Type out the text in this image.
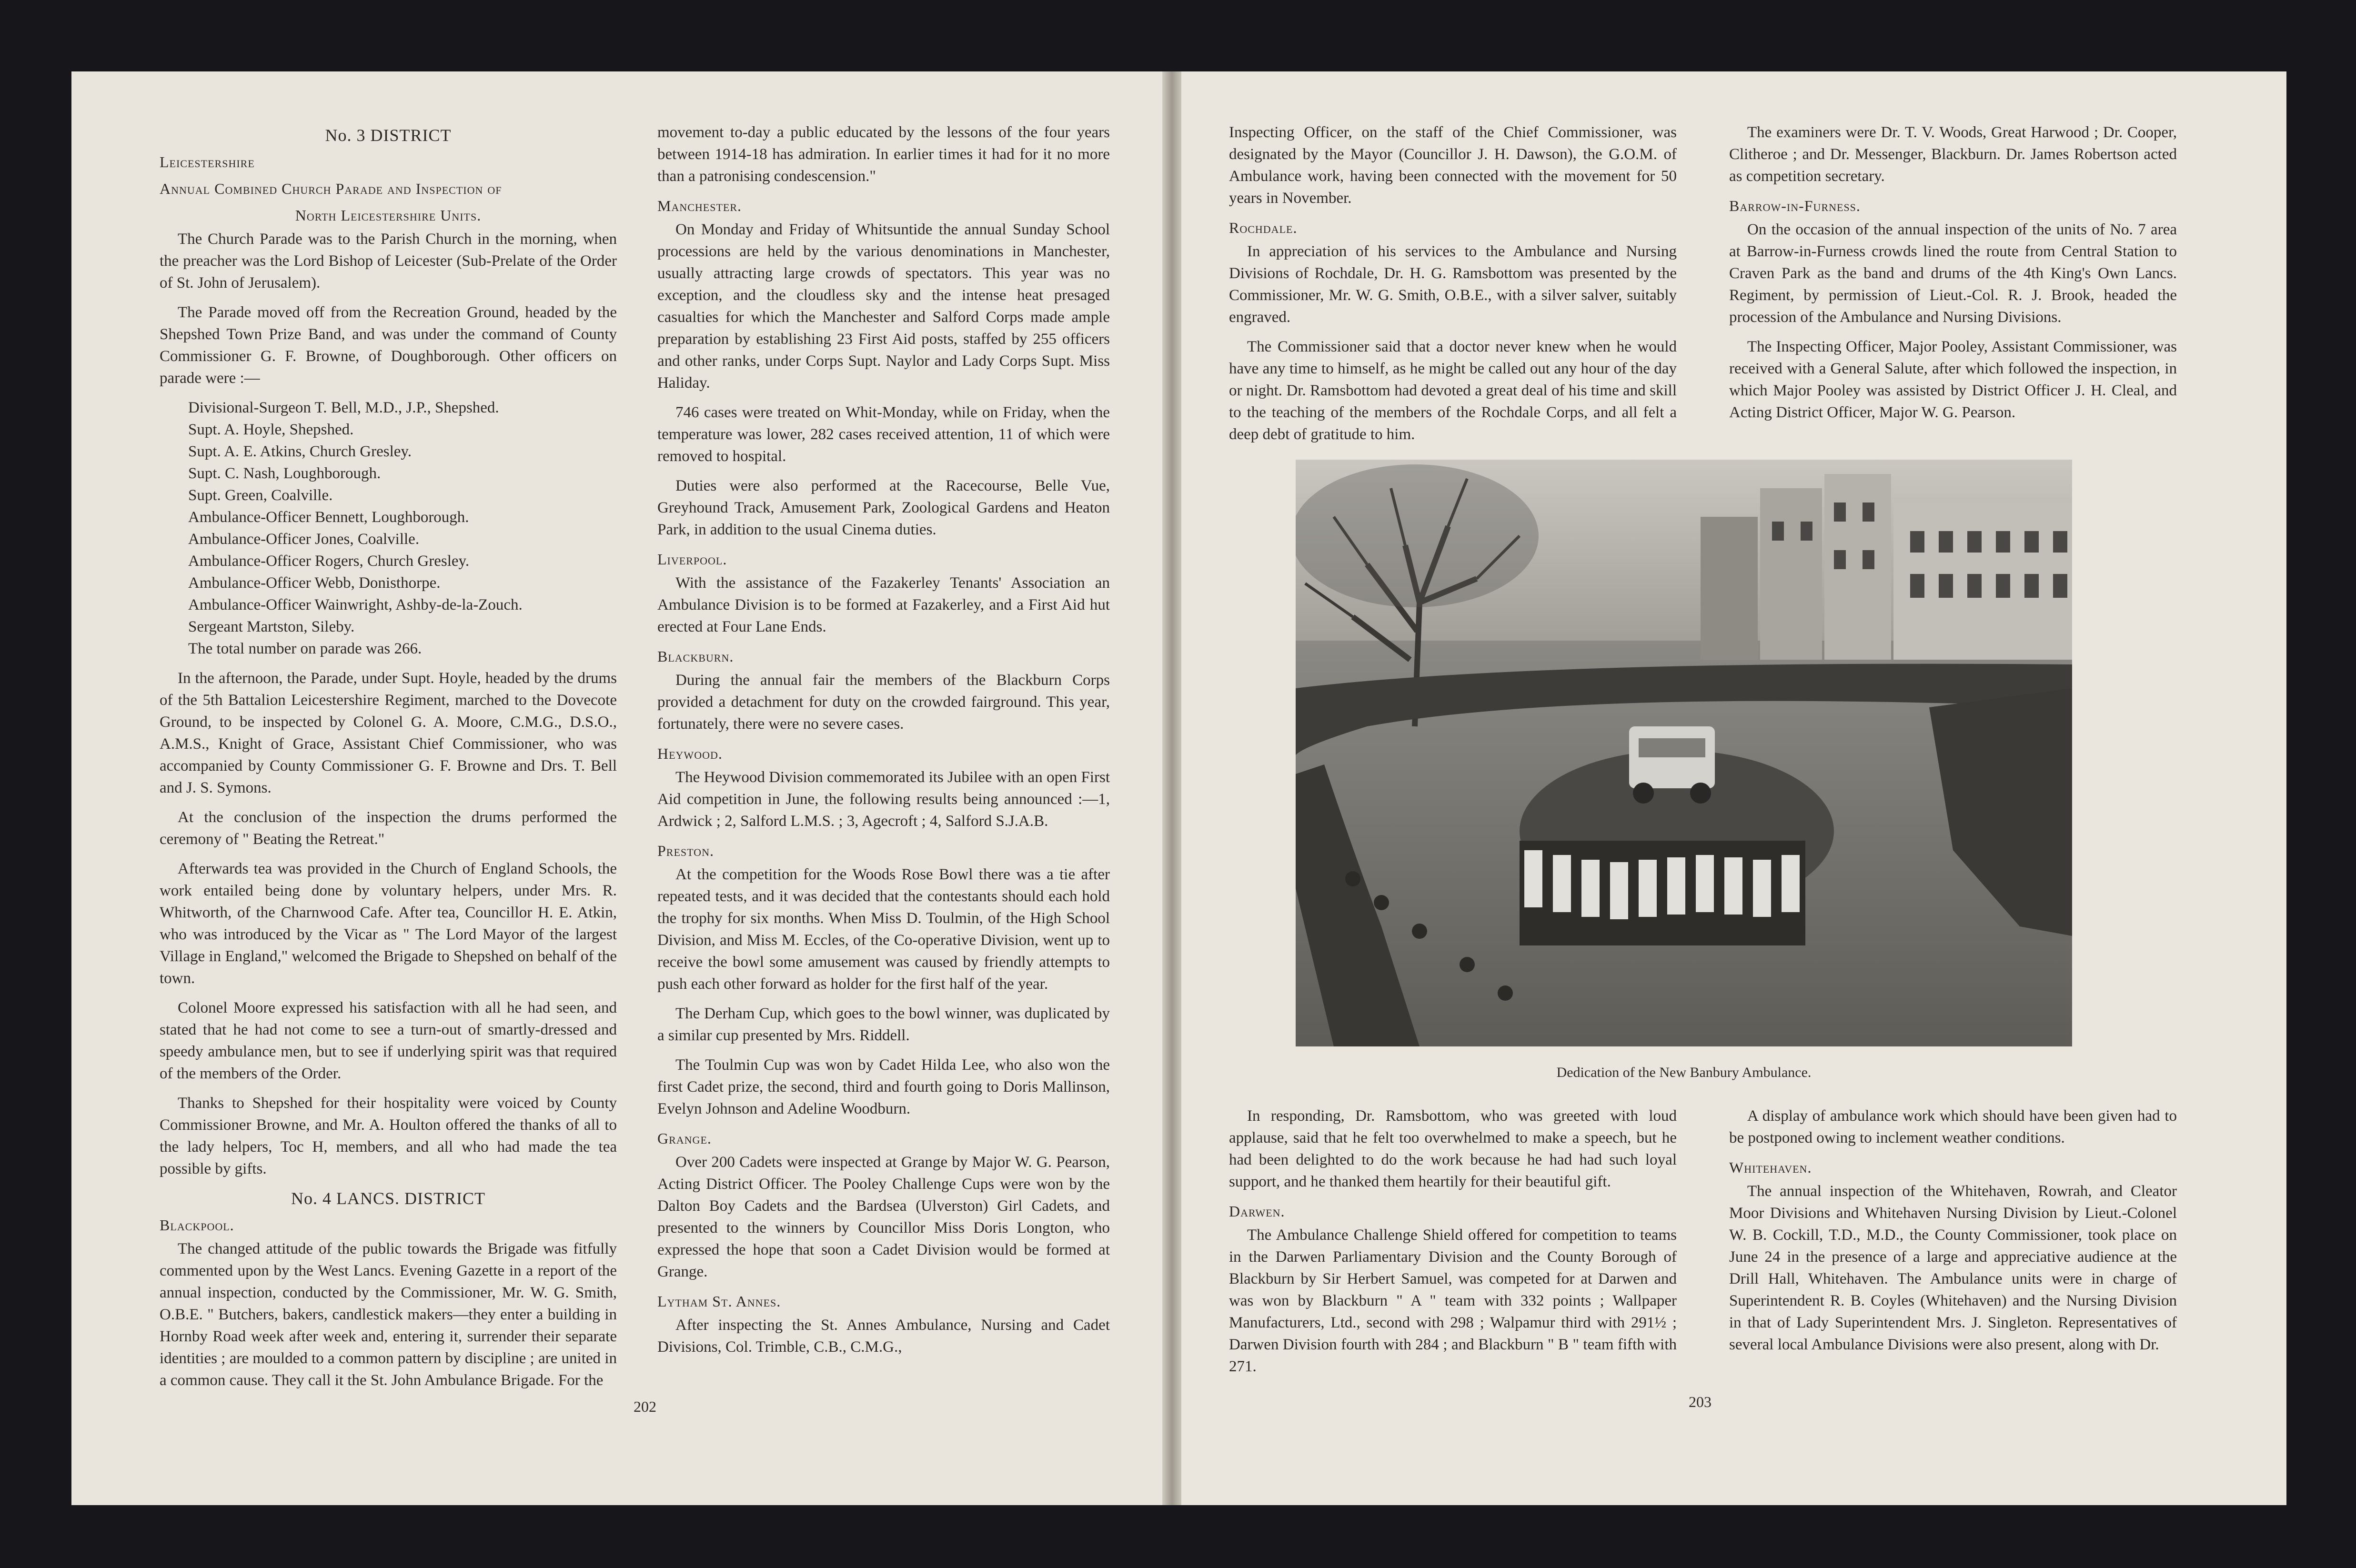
No. 3 DISTRICT
Leicestershire
Annual Combined Church Parade and Inspection of
North Leicestershire Units.

The Church Parade was to the Parish Church in the morning, when the preacher was the Lord Bishop of Leicester (Sub-Prelate of the Order of St. John of Jerusalem).

The Parade moved off from the Recreation Ground, headed by the Shepshed Town Prize Band, and was under the command of County Commissioner G. F. Browne, of Doughborough. Other officers on parade were :—

Divisional-Surgeon T. Bell, M.D., J.P., Shepshed.

Supt. A. Hoyle, Shepshed.

Supt. A. E. Atkins, Church Gresley.

Supt. C. Nash, Loughborough.

Supt. Green, Coalville.

Ambulance-Officer Bennett, Loughborough.

Ambulance-Officer Jones, Coalville.

Ambulance-Officer Rogers, Church Gresley.

Ambulance-Officer Webb, Donisthorpe.

Ambulance-Officer Wainwright, Ashby-de-la-Zouch.

Sergeant Martston, Sileby.

The total number on parade was 266.

In the afternoon, the Parade, under Supt. Hoyle, headed by the drums of the 5th Battalion Leicestershire Regiment, marched to the Dovecote Ground, to be inspected by Colonel G. A. Moore, C.M.G., D.S.O., A.M.S., Knight of Grace, Assistant Chief Commissioner, who was accompanied by County Commissioner G. F. Browne and Drs. T. Bell and J. S. Symons.

At the conclusion of the inspection the drums performed the ceremony of " Beating the Retreat."

Afterwards tea was provided in the Church of England Schools, the work entailed being done by voluntary helpers, under Mrs. R. Whitworth, of the Charnwood Cafe. After tea, Councillor H. E. Atkin, who was introduced by the Vicar as " The Lord Mayor of the largest Village in England," welcomed the Brigade to Shepshed on behalf of the town.

Colonel Moore expressed his satisfaction with all he had seen, and stated that he had not come to see a turn-out of smartly-dressed and speedy ambulance men, but to see if underlying spirit was that required of the members of the Order.

Thanks to Shepshed for their hospitality were voiced by County Commissioner Browne, and Mr. A. Houlton offered the thanks of all to the lady helpers, Toc H, members, and all who had made the tea possible by gifts.

No. 4 LANCS. DISTRICT
Blackpool.

The changed attitude of the public towards the Brigade was fitfully commented upon by the West Lancs. Evening Gazette in a report of the annual inspection, conducted by the Commissioner, Mr. W. G. Smith, O.B.E. " Butchers, bakers, candlestick makers—they enter a building in Hornby Road week after week and, entering it, surrender their separate identities ; are moulded to a common pattern by discipline ; are united in a common cause. They call it the St. John Ambulance Brigade. For the

movement to-day a public educated by the lessons of the four years between 1914-18 has admiration. In earlier times it had for it no more than a patronising condescension."

Manchester.

On Monday and Friday of Whitsuntide the annual Sunday School processions are held by the various denominations in Manchester, usually attracting large crowds of spectators. This year was no exception, and the cloudless sky and the intense heat presaged casualties for which the Manchester and Salford Corps made ample preparation by establishing 23 First Aid posts, staffed by 255 officers and other ranks, under Corps Supt. Naylor and Lady Corps Supt. Miss Haliday.

746 cases were treated on Whit-Monday, while on Friday, when the temperature was lower, 282 cases received attention, 11 of which were removed to hospital.

Duties were also performed at the Racecourse, Belle Vue, Greyhound Track, Amusement Park, Zoological Gardens and Heaton Park, in addition to the usual Cinema duties.

Liverpool.

With the assistance of the Fazakerley Tenants' Association an Ambulance Division is to be formed at Fazakerley, and a First Aid hut erected at Four Lane Ends.

Blackburn.

During the annual fair the members of the Blackburn Corps provided a detachment for duty on the crowded fairground. This year, fortunately, there were no severe cases.

Heywood.

The Heywood Division commemorated its Jubilee with an open First Aid competition in June, the following results being announced :—1, Ardwick ; 2, Salford L.M.S. ; 3, Agecroft ; 4, Salford S.J.A.B.

Preston.

At the competition for the Woods Rose Bowl there was a tie after repeated tests, and it was decided that the contestants should each hold the trophy for six months. When Miss D. Toulmin, of the High School Division, and Miss M. Eccles, of the Co-operative Division, went up to receive the bowl some amusement was caused by friendly attempts to push each other forward as holder for the first half of the year.

The Derham Cup, which goes to the bowl winner, was duplicated by a similar cup presented by Mrs. Riddell.

The Toulmin Cup was won by Cadet Hilda Lee, who also won the first Cadet prize, the second, third and fourth going to Doris Mallinson, Evelyn Johnson and Adeline Woodburn.

Grange.

Over 200 Cadets were inspected at Grange by Major W. G. Pearson, Acting District Officer. The Pooley Challenge Cups were won by the Dalton Boy Cadets and the Bardsea (Ulverston) Girl Cadets, and presented to the winners by Councillor Miss Doris Longton, who expressed the hope that soon a Cadet Division would be formed at Grange.

Lytham St. Annes.

After inspecting the St. Annes Ambulance, Nursing and Cadet Divisions, Col. Trimble, C.B., C.M.G.,

202

Inspecting Officer, on the staff of the Chief Commissioner, was designated by the Mayor (Councillor J. H. Dawson), the G.O.M. of Ambulance work, having been connected with the movement for 50 years in November.

Rochdale.

In appreciation of his services to the Ambulance and Nursing Divisions of Rochdale, Dr. H. G. Ramsbottom was presented by the Commissioner, Mr. W. G. Smith, O.B.E., with a silver salver, suitably engraved.

The Commissioner said that a doctor never knew when he would have any time to himself, as he might be called out any hour of the day or night. Dr. Ramsbottom had devoted a great deal of his time and skill to the teaching of the members of the Rochdale Corps, and all felt a deep debt of gratitude to him.

The examiners were Dr. T. V. Woods, Great Harwood ; Dr. Cooper, Clitheroe ; and Dr. Messenger, Blackburn. Dr. James Robertson acted as competition secretary.

Barrow-in-Furness.

On the occasion of the annual inspection of the units of No. 7 area at Barrow-in-Furness crowds lined the route from Central Station to Craven Park as the band and drums of the 4th King's Own Lancs. Regiment, by permission of Lieut.-Col. R. J. Brook, headed the procession of the Ambulance and Nursing Divisions.

The Inspecting Officer, Major Pooley, Assistant Commissioner, was received with a General Salute, after which followed the inspection, in which Major Pooley was assisted by District Officer J. H. Cleal, and Acting District Officer, Major W. G. Pearson.

Dedication of the New Banbury Ambulance.

In responding, Dr. Ramsbottom, who was greeted with loud applause, said that he felt too overwhelmed to make a speech, but he had been delighted to do the work because he had had such loyal support, and he thanked them heartily for their beautiful gift.

Darwen.

The Ambulance Challenge Shield offered for competition to teams in the Darwen Parliamentary Division and the County Borough of Blackburn by Sir Herbert Samuel, was competed for at Darwen and was won by Blackburn " A " team with 332 points ; Wallpaper Manufacturers, Ltd., second with 298 ; Walpamur third with 291½ ; Darwen Division fourth with 284 ; and Blackburn " B " team fifth with 271.

A display of ambulance work which should have been given had to be postponed owing to inclement weather conditions.

Whitehaven.

The annual inspection of the Whitehaven, Rowrah, and Cleator Moor Divisions and Whitehaven Nursing Division by Lieut.-Colonel W. B. Cockill, T.D., M.D., the County Commissioner, took place on June 24 in the presence of a large and appreciative audience at the Drill Hall, Whitehaven. The Ambulance units were in charge of Superintendent R. B. Coyles (Whitehaven) and the Nursing Division in that of Lady Superintendent Mrs. J. Singleton. Representatives of several local Ambulance Divisions were also present, along with Dr.

203
